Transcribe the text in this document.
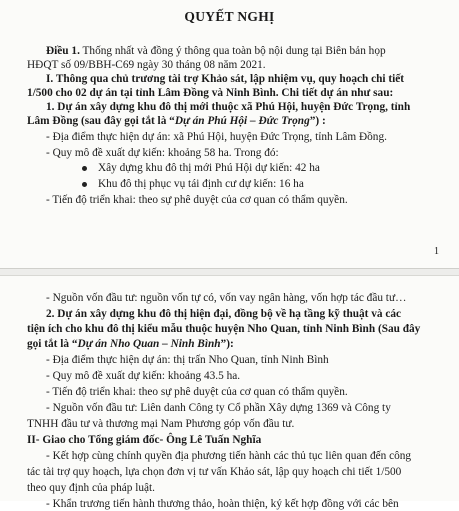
QUYẾT NGHỊ
Điều 1. Thống nhất và đồng ý thông qua toàn bộ nội dung tại Biên bản họp
HĐQT số 09/BBH-C69 ngày 30 tháng 08 năm 2021.
I. Thông qua chủ trương tài trợ Khảo sát, lập nhiệm vụ, quy hoạch chi tiết
1/500 cho 02 dự án tại tỉnh Lâm Đồng và Ninh Bình. Chi tiết dự án như sau:
1. Dự án xây dựng khu đô thị mới thuộc xã Phú Hội, huyện Đức Trọng, tỉnh
Lâm Đồng (sau đây gọi tắt là “Dự án Phú Hội – Đức Trọng”) :
- Địa điểm thực hiện dự án: xã Phú Hội, huyện Đức Trọng, tỉnh Lâm Đồng.
- Quy mô đề xuất dự kiến: khoảng 58 ha. Trong đó:
Xây dựng khu đô thị mới Phú Hội dự kiến: 42 ha
Khu đô thị phục vụ tái định cư dự kiến: 16 ha
- Tiến độ triển khai: theo sự phê duyệt của cơ quan có thẩm quyền.
1
- Nguồn vốn đầu tư: nguồn vốn tự có, vốn vay ngân hàng, vốn hợp tác đầu tư…
2. Dự án xây dựng khu đô thị hiện đại, đồng bộ về hạ tầng kỹ thuật và các
tiện ích cho khu đô thị kiểu mẫu thuộc huyện Nho Quan, tỉnh Ninh Bình (Sau đây
gọi tắt là “Dự án Nho Quan – Ninh Bình”):
- Địa điểm thực hiện dự án: thị trấn Nho Quan, tỉnh Ninh Bình
- Quy mô đề xuất dự kiến: khoảng 43.5 ha.
- Tiến độ triển khai: theo sự phê duyệt của cơ quan có thẩm quyền.
- Nguồn vốn đầu tư: Liên danh Công ty Cổ phần Xây dựng 1369 và Công ty
TNHH đầu tư và thương mại Nam Phương góp vốn đầu tư.
II- Giao cho Tổng giám đốc- Ông Lê Tuấn Nghĩa
- Kết hợp cùng chính quyền địa phương tiến hành các thủ tục liên quan đến công
tác tài trợ quy hoạch, lựa chọn đơn vị tư vấn Khảo sát, lập quy hoạch chi tiết 1/500
theo quy định của pháp luật.
- Khẩn trương tiến hành thương thảo, hoàn thiện, ký kết hợp đồng với các bên
